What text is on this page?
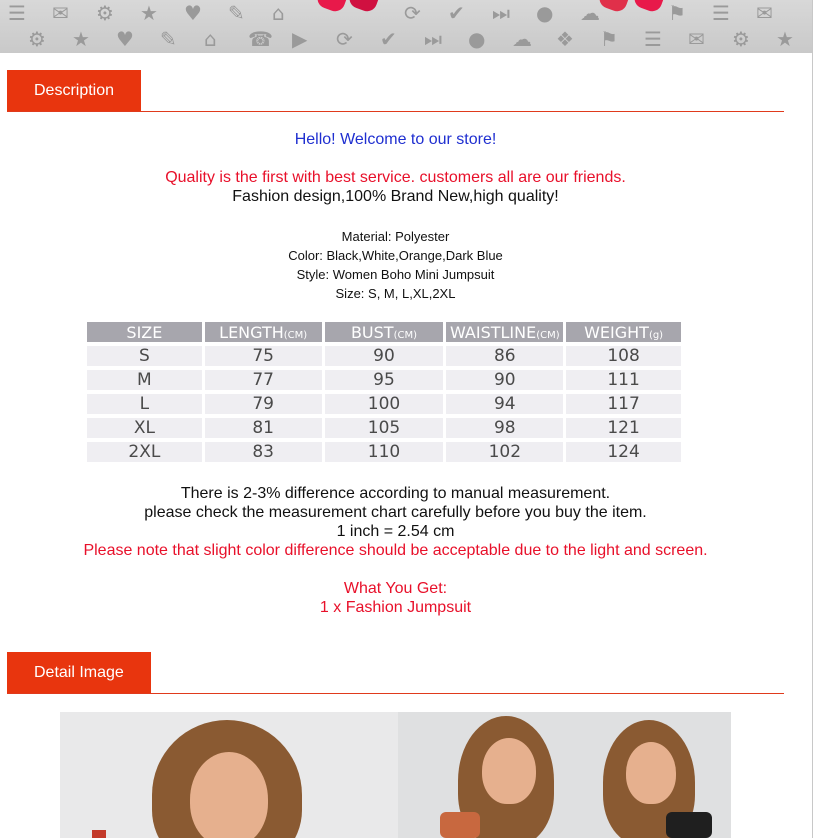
☰ ✉ ⚙ ★ ♥ ✎ ⌂	⟳ ✔ ⏭ ● ☁	⚑ ☰ ✉
⚙ ★ ♥ ✎ ⌂ ☎ ▶ ⟳ ✔ ⏭ ● ☁ ❖ ⚑ ☰ ✉ ⚙ ★
Description
Hello! Welcome to our store!
Quality is the first with best service. customers all are our friends.
Fashion design,100% Brand New,high quality!
Material: Polyester
Color: Black,White,Orange,Dark Blue
Style: Women Boho Mini Jumpsuit
Size: S, M, L,XL,2XL
SIZE	LENGTH(CM)	BUST(CM)	WAISTLINE(CM)	WEIGHT(g)
S	75	90	86	108
M	77	95	90	111
L	79	100	94	117
XL	81	105	98	121
2XL	83	110	102	124
There is 2-3% difference according to manual measurement.
please check the measurement chart carefully before you buy the item.
1 inch = 2.54 cm
Please note that slight color difference should be acceptable due to the light and screen.
What You Get:
1 x Fashion Jumpsuit
Detail Image
